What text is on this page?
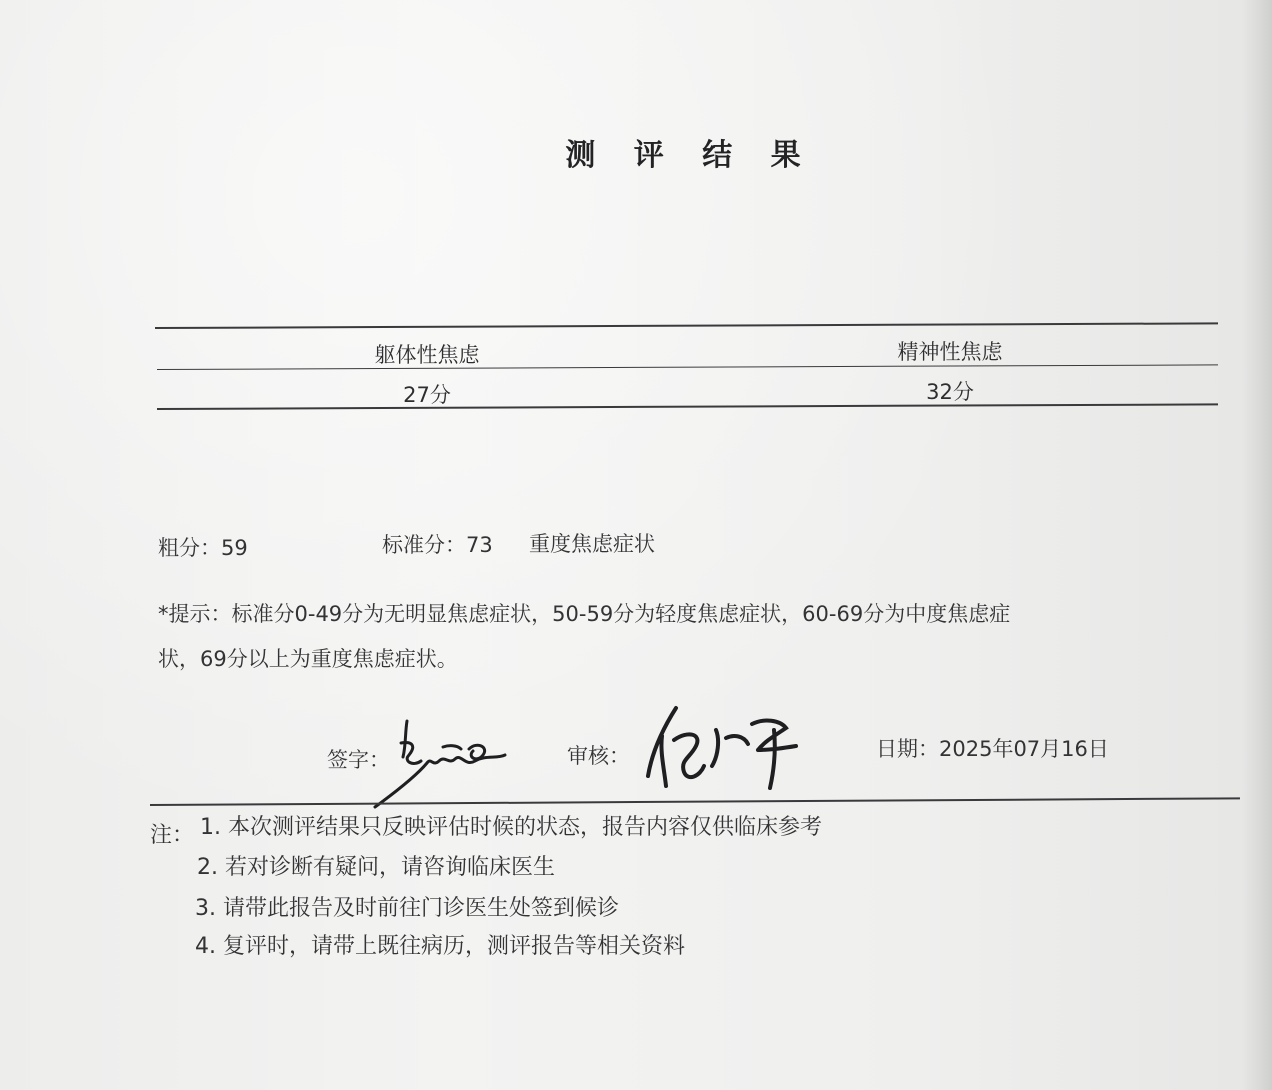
测 评 结 果
躯体性焦虑	精神性焦虑
27分	32分
粗分：59	标准分：73 重度焦虑症状
*提示：标准分0-49分为无明显焦虑症状，50-59分为轻度焦虑症状，60-69分为中度焦虑症
状，69分以上为重度焦虑症状。
签字：	审核：	日期：2025年07月16日
注： 1. 本次测评结果只反映评估时候的状态，报告内容仅供临床参考
2. 若对诊断有疑问，请咨询临床医生
3. 请带此报告及时前往门诊医生处签到候诊
4. 复评时，请带上既往病历，测评报告等相关资料
